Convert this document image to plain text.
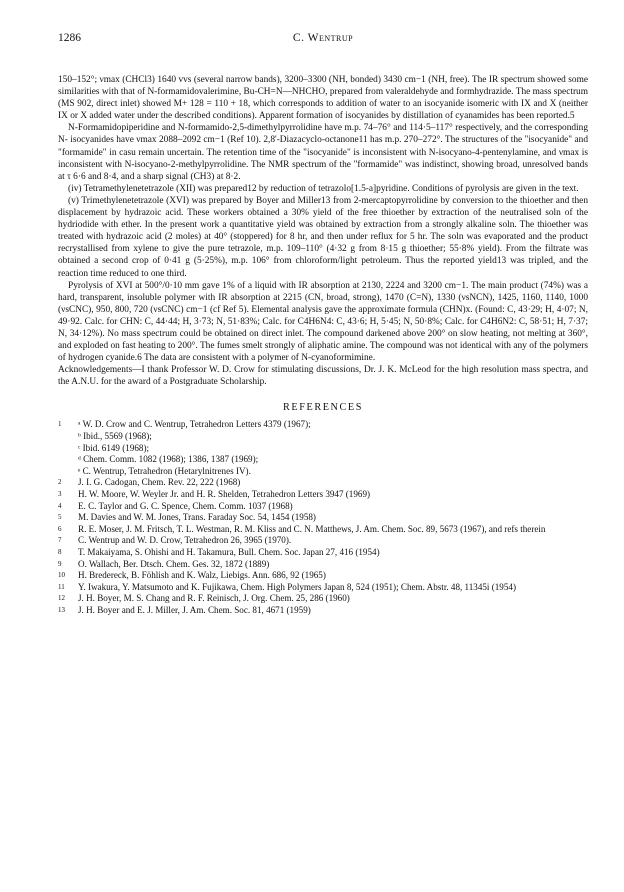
1286	C. Wentrup

150–152°; νmax (CHCl3) 1640 vvs (several narrow bands), 3200–3300 (NH, bonded) 3430 cm−1 (NH, free). The IR spectrum showed some similarities with that of N-formamidovalerimine, Bu-CH=N—NHCHO, prepared from valeraldehyde and formhydrazide. The mass spectrum (MS 902, direct inlet) showed M+ 128 = 110 + 18, which corresponds to addition of water to an isocyanide isomeric with IX and X (neither IX or X added water under the described conditions). Apparent formation of isocyanides by distillation of cyanamides has been reported.5

N-Formamidopiperidine and N-formamido-2,5-dimethylpyrrolidine have m.p. 74–76° and 114·5–117° respectively, and the corresponding N- isocyanides have νmax 2088–2092 cm−1 (Ref 10). 2,8'-Diazacyclo-octanone11 has m.p. 270–272°. The structures of the "isocyanide" and "formamide" in casu remain uncertain. The retention time of the "isocyanide" is inconsistent with N-isocyano-4-pentenylamine, and νmax is inconsistent with N-isocyano-2-methylpyrrolidine. The NMR spectrum of the "formamide" was indistinct, showing broad, unresolved bands at τ 6·6 and 8·4, and a sharp signal (CH3) at 8·2.

(iv) Tetramethylenetetrazole (XII) was prepared12 by reduction of tetrazolo[1.5-a]pyridine. Conditions of pyrolysis are given in the text.

(v) Trimethylenetetrazole (XVI) was prepared by Boyer and Miller13 from 2-mercaptopyrrolidine by conversion to the thioether and then displacement by hydrazoic acid. These workers obtained a 30% yield of the free thioether by extraction of the neutralised soln of the hydriodide with ether. In the present work a quantitative yield was obtained by extraction from a strongly alkaline soln. The thioether was treated with hydrazoic acid (2 moles) at 40° (stoppered) for 8 hr, and then under reflux for 5 hr. The soln was evaporated and the product recrystallised from xylene to give the pure tetrazole, m.p. 109–110° (4·32 g from 8·15 g thioether; 55·8% yield). From the filtrate was obtained a second crop of 0·41 g (5·25%), m.p. 106° from chloroform/light petroleum. Thus the reported yield13 was tripled, and the reaction time reduced to one third.

Pyrolysis of XVI at 500°/0·10 mm gave 1% of a liquid with IR absorption at 2130, 2224 and 3200 cm−1. The main product (74%) was a hard, transparent, insoluble polymer with IR absorption at 2215 (CN, broad, strong), 1470 (C=N), 1330 (νsNCN), 1425, 1160, 1140, 1000 (νsCNC), 950, 800, 720 (νsCNC) cm−1 (cf Ref 5). Elemental analysis gave the approximate formula (CHN)x. (Found: C, 43·29; H, 4·07; N, 49·92. Calc. for CHN: C, 44·44; H, 3·73; N, 51·83%; Calc. for C4H6N4: C, 43·6; H, 5·45; N, 50·8%; Calc. for C4H6N2: C, 58·51; H, 7·37; N, 34·12%). No mass spectrum could be obtained on direct inlet. The compound darkened above 200° on slow heating, not melting at 360°, and exploded on fast heating to 200°. The fumes smelt strongly of aliphatic amine. The compound was not identical with any of the polymers of hydrogen cyanide.6 The data are consistent with a polymer of N-cyanoformimine.

Acknowledgements—I thank Professor W. D. Crow for stimulating discussions, Dr. J. K. McLeod for the high resolution mass spectra, and the A.N.U. for the award of a Postgraduate Scholarship.

REFERENCES
1	ᵃ W. D. Crow and C. Wentrup, Tetrahedron Letters 4379 (1967);
ᵇ Ibid., 5569 (1968);
ᶜ Ibid. 6149 (1968);
ᵈ Chem. Comm. 1082 (1968); 1386, 1387 (1969);
ᵉ C. Wentrup, Tetrahedron (Hetarylnitrenes IV).
2	J. I. G. Cadogan, Chem. Rev. 22, 222 (1968)
3	H. W. Moore, W. Weyler Jr. and H. R. Shelden, Tetrahedron Letters 3947 (1969)
4	E. C. Taylor and G. C. Spence, Chem. Comm. 1037 (1968)
5	M. Davies and W. M. Jones, Trans. Faraday Soc. 54, 1454 (1958)
6	R. E. Moser, J. M. Fritsch, T. L. Westman, R. M. Kliss and C. N. Matthews, J. Am. Chem. Soc. 89, 5673 (1967), and refs therein
7	C. Wentrup and W. D. Crow, Tetrahedron 26, 3965 (1970).
8	T. Makaiyama, S. Ohishi and H. Takamura, Bull. Chem. Soc. Japan 27, 416 (1954)
9	O. Wallach, Ber. Dtsch. Chem. Ges. 32, 1872 (1889)
10	H. Bredereck, B. Föhlish and K. Walz, Liebigs. Ann. 686, 92 (1965)
11	Y. Iwakura, Y. Matsumoto and K. Fujikawa, Chem. High Polymers Japan 8, 524 (1951); Chem. Abstr. 48, 11345i (1954)
12	J. H. Boyer, M. S. Chang and R. F. Reinisch, J. Org. Chem. 25, 286 (1960)
13	J. H. Boyer and E. J. Miller, J. Am. Chem. Soc. 81, 4671 (1959)
